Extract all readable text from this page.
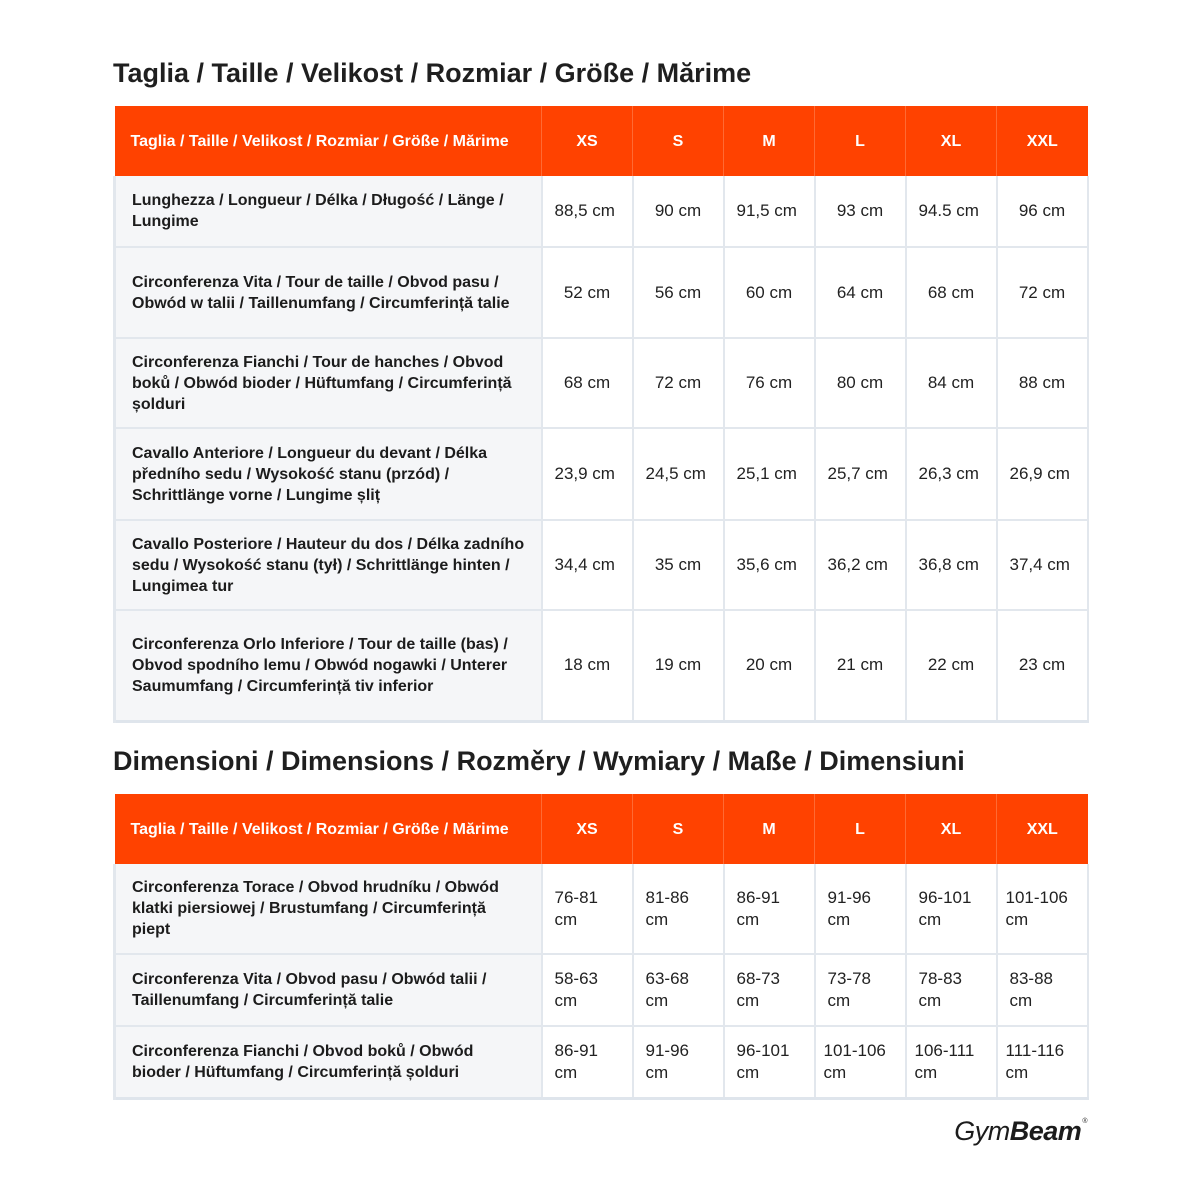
Taglia / Taille / Velikost / Rozmiar / Größe / Mărime
Taglia / Taille / Velikost / Rozmiar / Größe / Mărime	XS	S	M	L	XL	XXL
Lunghezza / Longueur / Délka / Długość / Länge / Lungime	88,5 cm	90 cm	91,5 cm	93 cm	94.5 cm	96 cm
Circonferenza Vita / Tour de taille / Obvod pasu / Obwód w talii / Taillenumfang / Circumferință talie	52 cm	56 cm	60 cm	64 cm	68 cm	72 cm
Circonferenza Fianchi / Tour de hanches / Obvod boků / Obwód bioder / Hüftumfang / Circumferință șolduri	68 cm	72 cm	76 cm	80 cm	84 cm	88 cm
Cavallo Anteriore / Longueur du devant / Délka předního sedu / Wysokość stanu (przód) / Schrittlänge vorne / Lungime șliț	23,9 cm	24,5 cm	25,1 cm	25,7 cm	26,3 cm	26,9 cm
Cavallo Posteriore / Hauteur du dos / Délka zadního sedu / Wysokość stanu (tył) / Schrittlänge hinten / Lungimea tur	34,4 cm	35 cm	35,6 cm	36,2 cm	36,8 cm	37,4 cm
Circonferenza Orlo Inferiore / Tour de taille (bas) / Obvod spodního lemu / Obwód nogawki / Unterer Saumumfang / Circumferință tiv inferior	18 cm	19 cm	20 cm	21 cm	22 cm	23 cm
Dimensioni / Dimensions / Rozměry / Wymiary / Maße / Dimensiuni
Taglia / Taille / Velikost / Rozmiar / Größe / Mărime	XS	S	M	L	XL	XXL
Circonferenza Torace / Obvod hrudníku / Obwód klatki piersiowej / Brustumfang / Circumferință piept	76-81 cm	81-86 cm	86-91 cm	91-96 cm	96-101 cm	101-106 cm
Circonferenza Vita / Obvod pasu / Obwód talii / Taillenumfang / Circumferință talie	58-63 cm	63-68 cm	68-73 cm	73-78 cm	78-83 cm	83-88 cm
Circonferenza Fianchi / Obvod boků / Obwód bioder / Hüftumfang / Circumferință șolduri	86-91 cm	91-96 cm	96-101 cm	101-106 cm	106-111 cm	111-116 cm
GymBeam®
